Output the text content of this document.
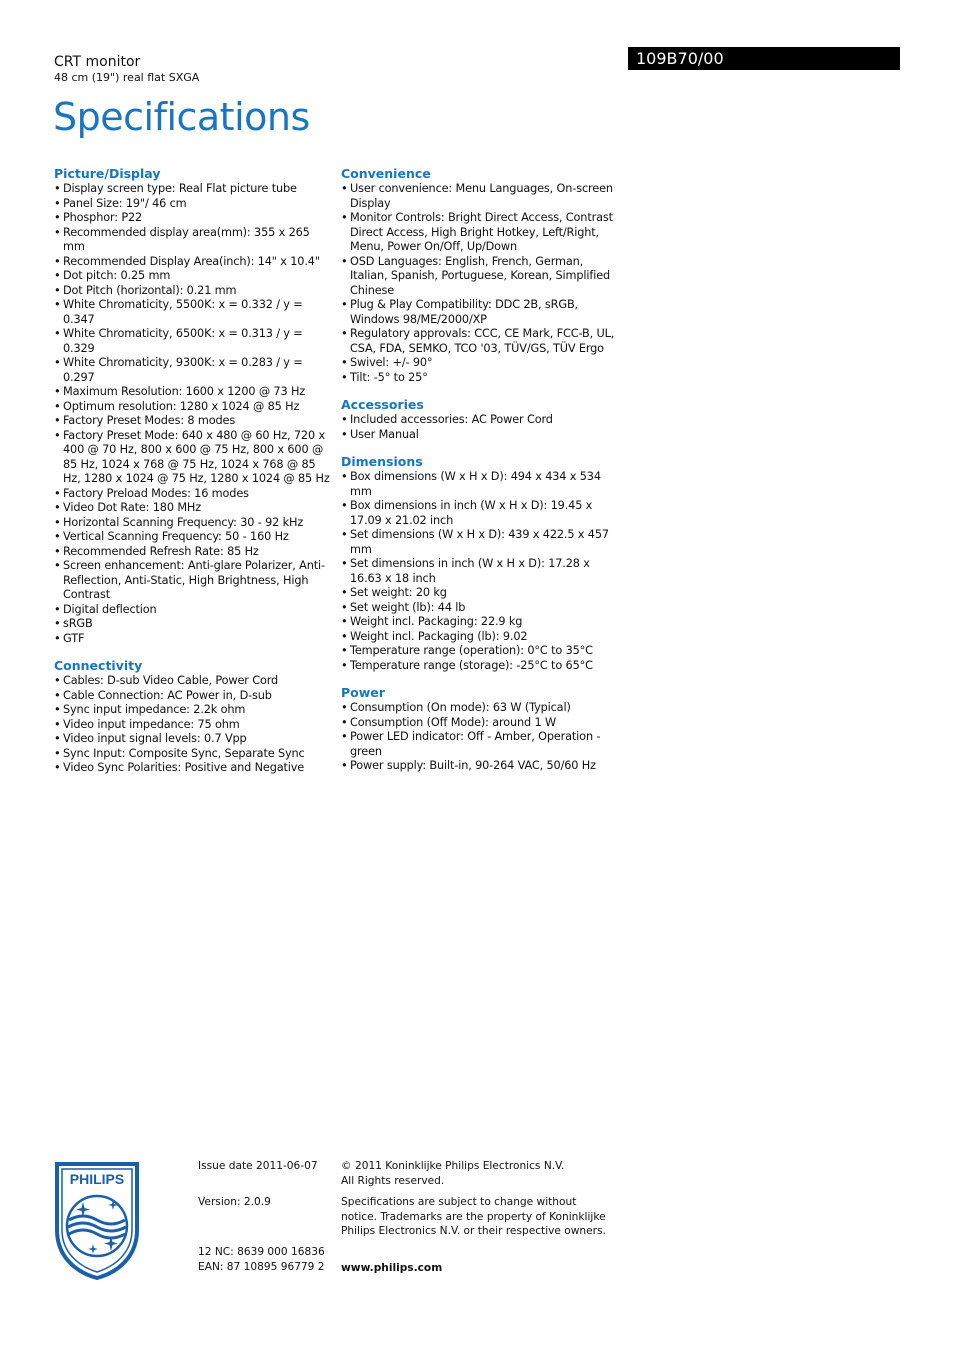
CRT monitor
48 cm (19") real flat SXGA
Specifications
109B70/00
Picture/Display
• Display screen type: Real Flat picture tube
• Panel Size: 19"/ 46 cm
• Phosphor: P22
• Recommended display area(mm): 355 x 265 mm
• Recommended Display Area(inch): 14" x 10.4"
• Dot pitch: 0.25 mm
• Dot Pitch (horizontal): 0.21 mm
• White Chromaticity, 5500K: x = 0.332 / y = 0.347
• White Chromaticity, 6500K: x = 0.313 / y = 0.329
• White Chromaticity, 9300K: x = 0.283 / y = 0.297
• Maximum Resolution: 1600 x 1200 @ 73 Hz
• Optimum resolution: 1280 x 1024 @ 85 Hz
• Factory Preset Modes: 8 modes
• Factory Preset Mode: 640 x 480 @ 60 Hz, 720 x 400 @ 70 Hz, 800 x 600 @ 75 Hz, 800 x 600 @ 85 Hz, 1024 x 768 @ 75 Hz, 1024 x 768 @ 85 Hz, 1280 x 1024 @ 75 Hz, 1280 x 1024 @ 85 Hz
• Factory Preload Modes: 16 modes
• Video Dot Rate: 180 MHz
• Horizontal Scanning Frequency: 30 - 92 kHz
• Vertical Scanning Frequency: 50 - 160 Hz
• Recommended Refresh Rate: 85 Hz
• Screen enhancement: Anti-glare Polarizer, Anti-Reflection, Anti-Static, High Brightness, High Contrast
• Digital deflection
• sRGB
• GTF
Connectivity
• Cables: D-sub Video Cable, Power Cord
• Cable Connection: AC Power in, D-sub
• Sync input impedance: 2.2k ohm
• Video input impedance: 75 ohm
• Video input signal levels: 0.7 Vpp
• Sync Input: Composite Sync, Separate Sync
• Video Sync Polarities: Positive and Negative
Convenience
• User convenience: Menu Languages, On-screen Display
• Monitor Controls: Bright Direct Access, Contrast Direct Access, High Bright Hotkey, Left/Right, Menu, Power On/Off, Up/Down
• OSD Languages: English, French, German, Italian, Spanish, Portuguese, Korean, Simplified Chinese
• Plug & Play Compatibility: DDC 2B, sRGB, Windows 98/ME/2000/XP
• Regulatory approvals: CCC, CE Mark, FCC-B, UL, CSA, FDA, SEMKO, TCO '03, TÜV/GS, TÜV Ergo
• Swivel: +/- 90°
• Tilt: -5° to 25°
Accessories
• Included accessories: AC Power Cord
• User Manual
Dimensions
• Box dimensions (W x H x D): 494 x 434 x 534 mm
• Box dimensions in inch (W x H x D): 19.45 x 17.09 x 21.02 inch
• Set dimensions (W x H x D): 439 x 422.5 x 457 mm
• Set dimensions in inch (W x H x D): 17.28 x 16.63 x 18 inch
• Set weight: 20 kg
• Set weight (lb): 44 lb
• Weight incl. Packaging: 22.9 kg
• Weight incl. Packaging (lb): 9.02
• Temperature range (operation): 0°C to 35°C
• Temperature range (storage): -25°C to 65°C
Power
• Consumption (On mode): 63 W (Typical)
• Consumption (Off Mode): around 1 W
• Power LED indicator: Off - Amber, Operation - green
• Power supply: Built-in, 90-264 VAC, 50/60 Hz
PHILIPS

Issue date 2011-06-07

Version: 2.0.9

12 NC: 8639 000 16836

EAN: 87 10895 96779 2

© 2011 Koninklijke Philips Electronics N.V.

All Rights reserved.

Specifications are subject to change without notice. Trademarks are the property of Koninklijke Philips Electronics N.V. or their respective owners.

www.philips.com
